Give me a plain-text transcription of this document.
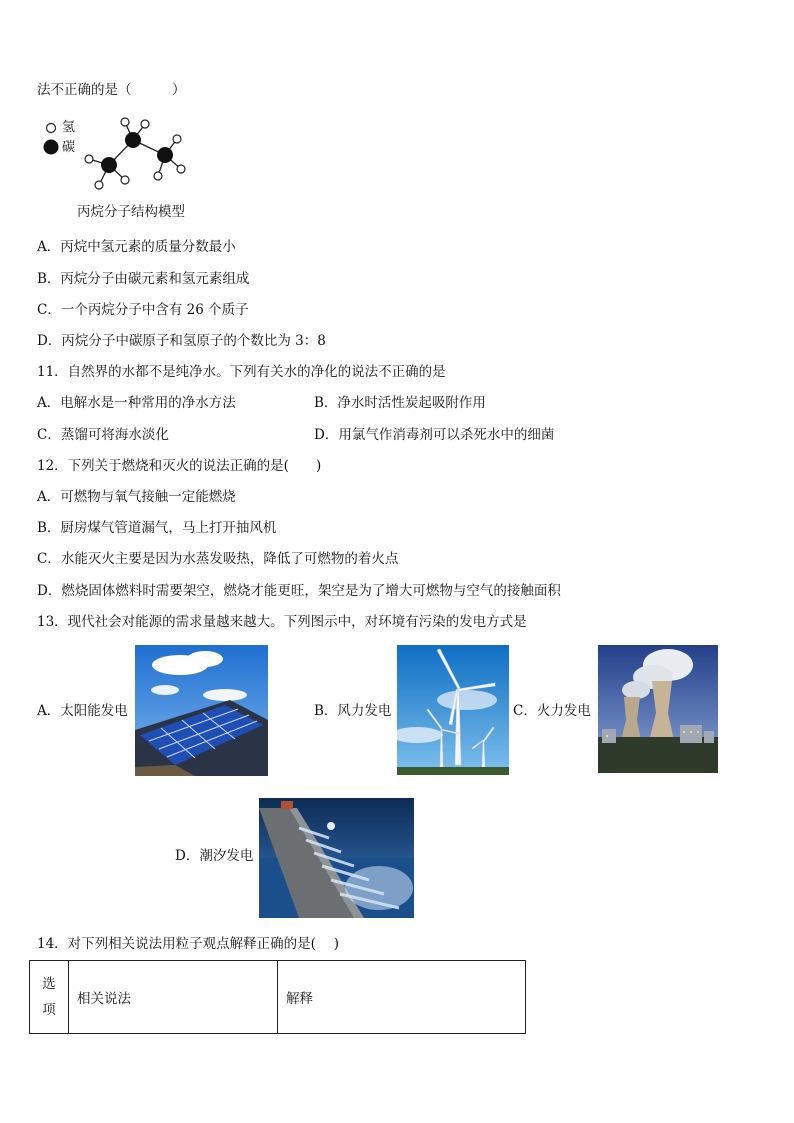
法不正确的是（　　　）
氢
碳
丙烷分子结构模型
A．丙烷中氢元素的质量分数最小
B．丙烷分子由碳元素和氢元素组成
C．一个丙烷分子中含有 26 个质子
D．丙烷分子中碳原子和氢原子的个数比为 3：8
11．自然界的水都不是纯净水。下列有关水的净化的说法不正确的是
A．电解水是一种常用的净水方法	B．净水时活性炭起吸附作用
C．蒸馏可将海水淡化	D．用氯气作消毒剂可以杀死水中的细菌
12．下列关于燃烧和灭火的说法正确的是(　　)
A．可燃物与氧气接触一定能燃烧
B．厨房煤气管道漏气，马上打开抽风机
C．水能灭火主要是因为水蒸发吸热，降低了可燃物的着火点
D．燃烧固体燃料时需要架空，燃烧才能更旺，架空是为了增大可燃物与空气的接触面积
13．现代社会对能源的需求量越来越大。下列图示中，对环境有污染的发电方式是
A．太阳能发电	B．风力发电	C．火力发电
D．潮汐发电
14．对下列相关说法用粒子观点解释正确的是(　 )
选
项	相关说法	解释
